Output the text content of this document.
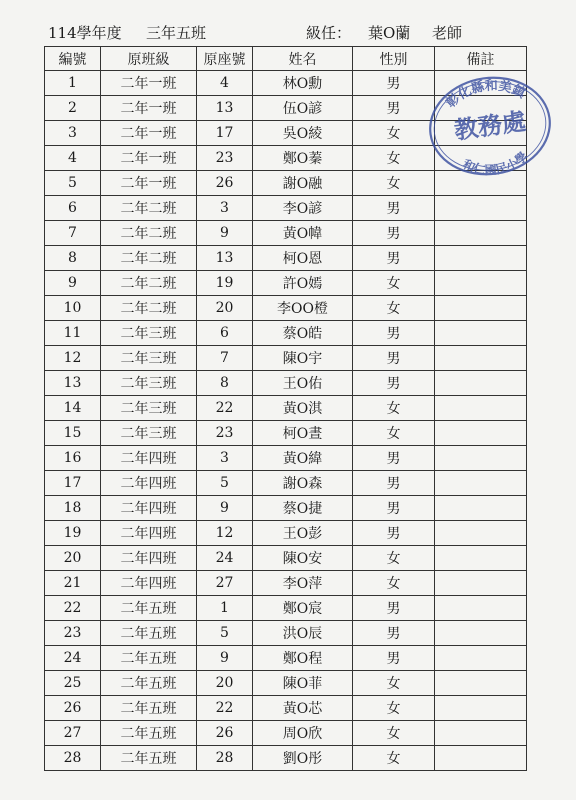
114學年度 三年五班	級任： 葉O蘭 老師
編號	原班級	原座號	姓名	性別	備註
1	二年一班	4	林O勳	男	
2	二年一班	13	伍O諺	男	
3	二年一班	17	吳O綾	女	
4	二年一班	23	鄭O蓁	女	
5	二年一班	26	謝O融	女	
6	二年二班	3	李O諺	男	
7	二年二班	9	黃O幃	男	
8	二年二班	13	柯O恩	男	
9	二年二班	19	許O嫣	女	
10	二年二班	20	李OO橙	女	
11	二年三班	6	蔡O皓	男	
12	二年三班	7	陳O宇	男	
13	二年三班	8	王O佑	男	
14	二年三班	22	黃O淇	女	
15	二年三班	23	柯O晝	女	
16	二年四班	3	黃O緯	男	
17	二年四班	5	謝O森	男	
18	二年四班	9	蔡O捷	男	
19	二年四班	12	王O彭	男	
20	二年四班	24	陳O安	女	
21	二年四班	27	李O萍	女	
22	二年五班	1	鄭O宸	男	
23	二年五班	5	洪O辰	男	
24	二年五班	9	鄭O程	男	
25	二年五班	20	陳O菲	女	
26	二年五班	22	黃O芯	女	
27	二年五班	26	周O欣	女	
28	二年五班	28	劉O彤	女	
彰化縣和美鎮
教務處
和仁國民小學
